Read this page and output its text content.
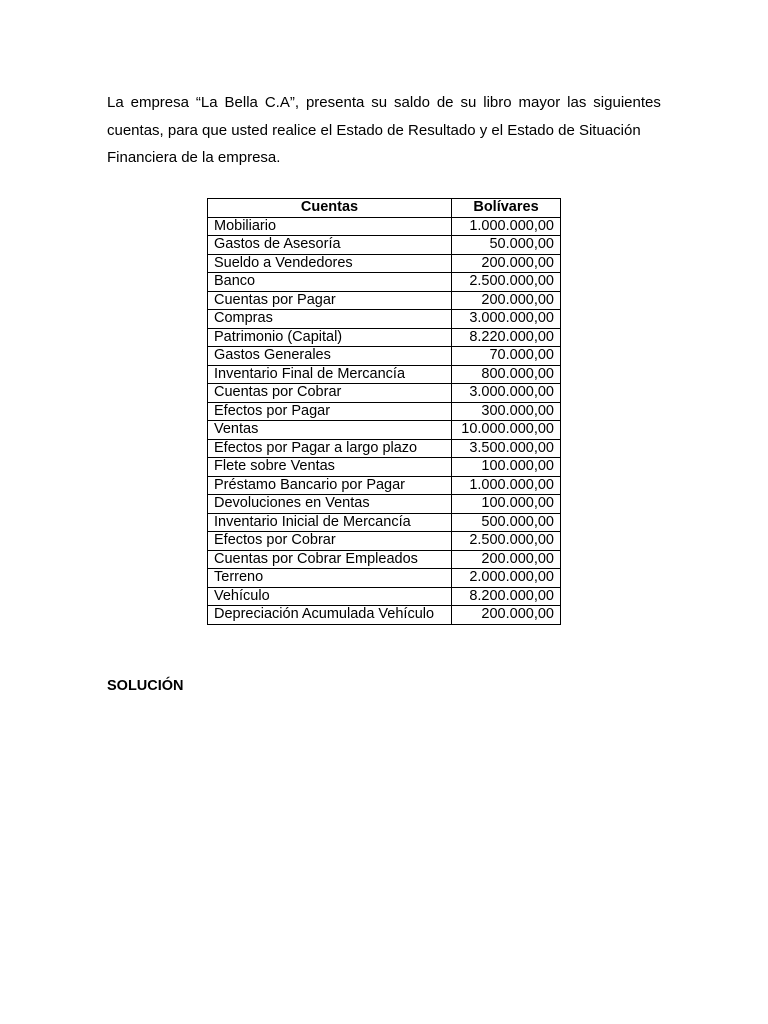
La empresa “La Bella C.A”, presenta su saldo de su libro mayor las siguientes
cuentas, para que usted realice el Estado de Resultado y el Estado de Situación
Financiera de la empresa.
Cuentas	Bolívares
Mobiliario	1.000.000,00
Gastos de Asesoría	50.000,00
Sueldo a Vendedores	200.000,00
Banco	2.500.000,00
Cuentas por Pagar	200.000,00
Compras	3.000.000,00
Patrimonio (Capital)	8.220.000,00
Gastos Generales	70.000,00
Inventario Final de Mercancía	800.000,00
Cuentas por Cobrar	3.000.000,00
Efectos por Pagar	300.000,00
Ventas	10.000.000,00
Efectos por Pagar a largo plazo	3.500.000,00
Flete sobre Ventas	100.000,00
Préstamo Bancario por Pagar	1.000.000,00
Devoluciones en Ventas	100.000,00
Inventario Inicial de Mercancía	500.000,00
Efectos por Cobrar	2.500.000,00
Cuentas por Cobrar Empleados	200.000,00
Terreno	2.000.000,00
Vehículo	8.200.000,00
Depreciación Acumulada Vehículo	200.000,00

SOLUCIÓN
